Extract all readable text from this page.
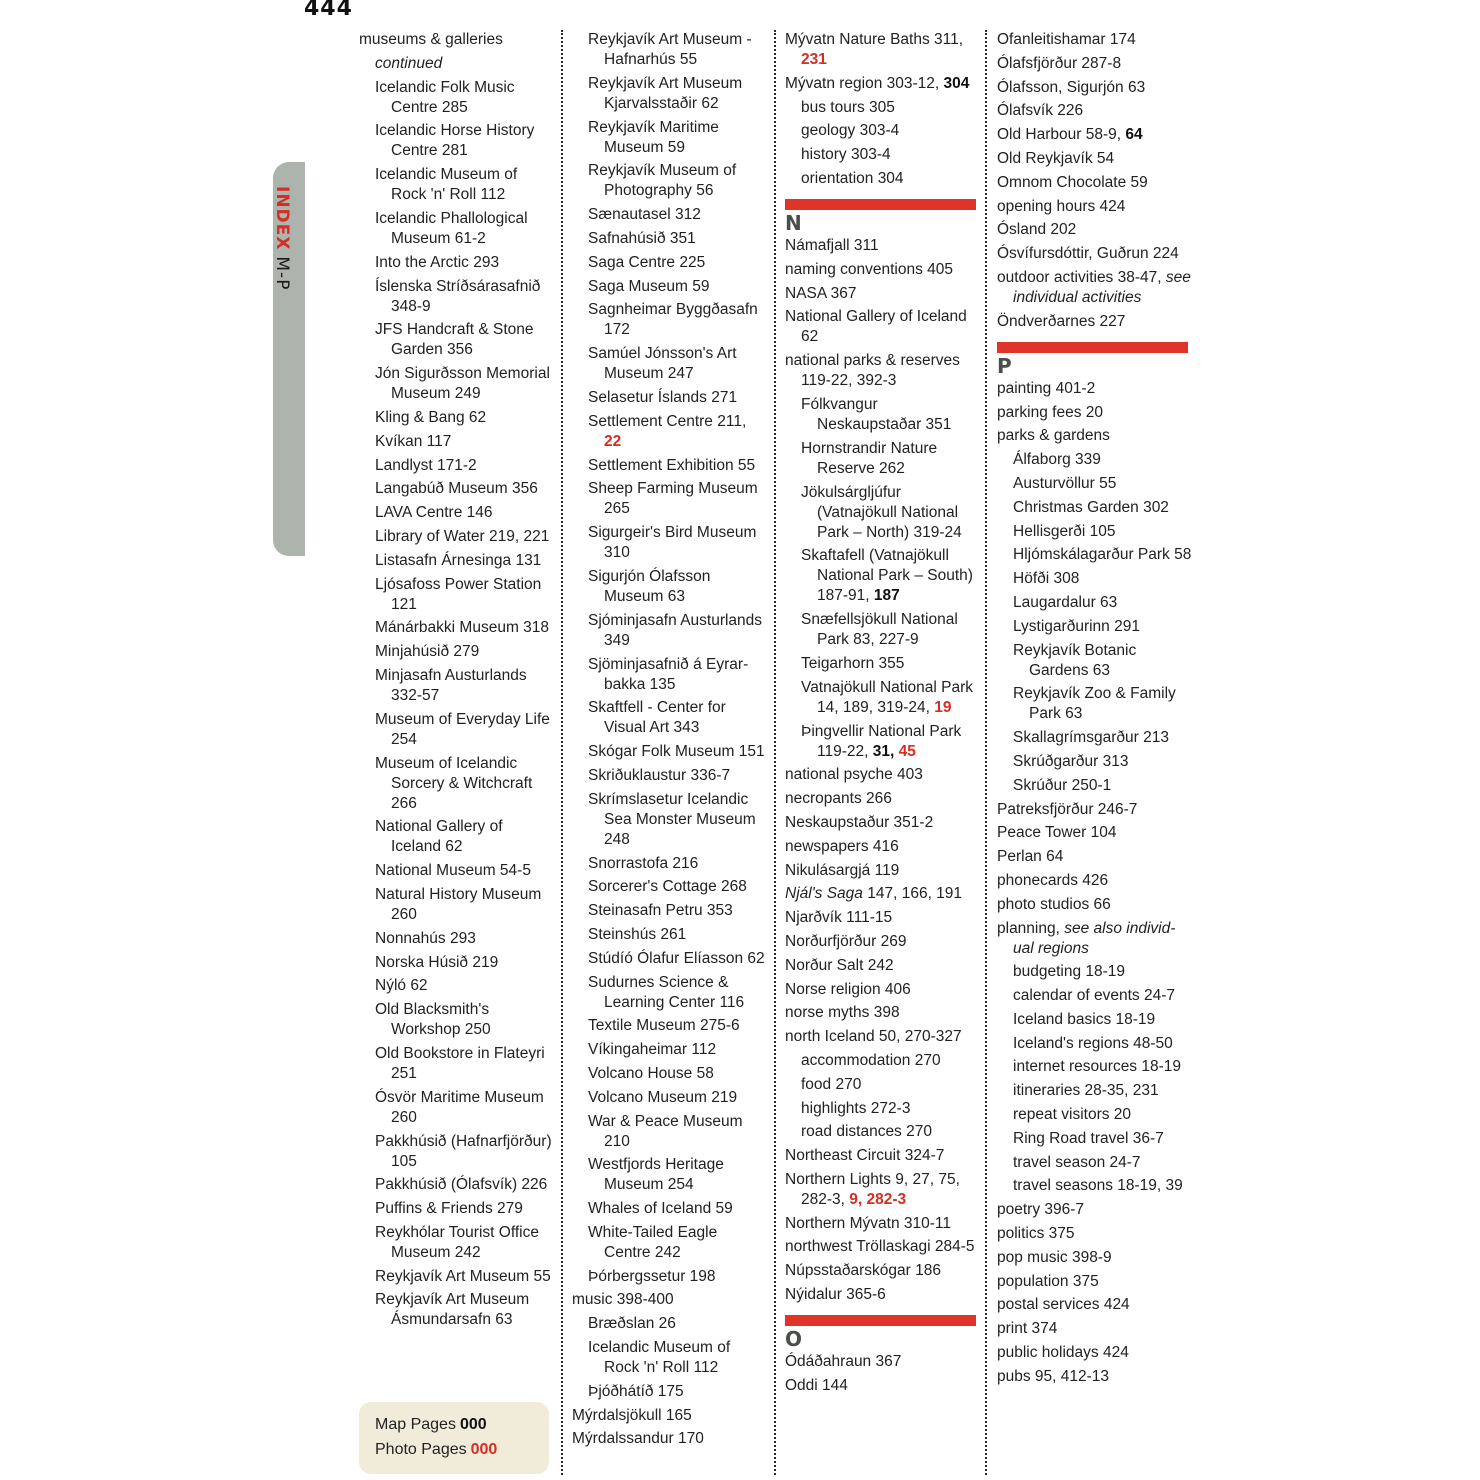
444
INDEXM-P
museums & galleries
continued
Icelandic Folk Music Centre 285
Icelandic Horse History Centre 281
Icelandic Museum of Rock 'n' Roll 112
Icelandic Phallological Museum 61-2
Into the Arctic 293
Íslenska Stríðsárasafnið 348-9
JFS Handcraft & Stone Garden 356
Jón Sigurðsson Memorial Museum 249
Kling & Bang 62
Kvíkan 117
Landlyst 171-2
Langabúð Museum 356
LAVA Centre 146
Library of Water 219, 221
Listasafn Árnesinga 131
Ljósafoss Power Station 121
Mánárbakki Museum 318
Minjahúsið 279
Minjasafn Austurlands 332-57
Museum of Everyday Life 254
Museum of Icelandic Sorcery & Witchcraft 266
National Gallery of Iceland 62
National Museum 54-5
Natural History Museum 260
Nonnahús 293
Norska Húsið 219
Nýló 62
Old Blacksmith's Workshop 250
Old Bookstore in Flateyri 251
Ósvör Maritime Museum 260
Pakkhúsið (Hafnarfjörður) 105
Pakkhúsið (Ólafsvík) 226
Puffins & Friends 279
Reykhólar Tourist Office Museum 242
Reykjavík Art Museum 55
Reykjavík Art Museum Ásmundarsafn 63
Reykjavík Art Museum - Hafnarhús 55
Reykjavík Art Museum Kjarvalsstaðir 62
Reykjavík Maritime Museum 59
Reykjavík Museum of Photography 56
Sænautasel 312
Safnahúsið 351
Saga Centre 225
Saga Museum 59
Sagnheimar Byggðasafn 172
Samúel Jónsson's Art Museum 247
Selasetur Íslands 271
Settlement Centre 211, 22
Settlement Exhibition 55
Sheep Farming Museum 265
Sigurgeir's Bird Museum 310
Sigurjón Ólafsson Museum 63
Sjóminjasafn Austurlands 349
Sjöminjasafnið á Eyrar-bakka 135
Skaftfell - Center for Visual Art 343
Skógar Folk Museum 151
Skriðuklaustur 336-7
Skrímslasetur Icelandic Sea Monster Museum 248
Snorrastofa 216
Sorcerer's Cottage 268
Steinasafn Petru 353
Steinshús 261
Stúdíó Ólafur Elíasson 62
Sudurnes Science & Learning Center 116
Textile Museum 275-6
Víkingaheimar 112
Volcano House 58
Volcano Museum 219
War & Peace Museum 210
Westfjords Heritage Museum 254
Whales of Iceland 59
White-Tailed Eagle Centre 242
Þórbergssetur 198
music 398-400
Bræðslan 26
Icelandic Museum of Rock 'n' Roll 112
Þjóðhátíð 175
Mýrdalsjökull 165
Mýrdalssandur 170
Mývatn Nature Baths 311, 231
Mývatn region 303-12, 304
bus tours 305
geology 303-4
history 303-4
orientation 304
N
Námafjall 311
naming conventions 405
NASA 367
National Gallery of Iceland 62
national parks & reserves 119-22, 392-3
Fólkvangur Neskaupstaðar 351
Hornstrandir Nature Reserve 262
Jökulsárgljúfur (Vatnajökull National Park – North) 319-24
Skaftafell (Vatnajökull National Park – South) 187-91, 187
Snæfellsjökull National Park 83, 227-9
Teigarhorn 355
Vatnajökull National Park 14, 189, 319-24, 19
Þingvellir National Park 119-22, 31, 45
national psyche 403
necropants 266
Neskaupstaður 351-2
newspapers 416
Nikulásargjá 119
Njál's Saga 147, 166, 191
Njarðvík 111-15
Norðurfjörður 269
Norður Salt 242
Norse religion 406
norse myths 398
north Iceland 50, 270-327
accommodation 270
food 270
highlights 272-3
road distances 270
Northeast Circuit 324-7
Northern Lights 9, 27, 75, 282-3, 9, 282-3
Northern Mývatn 310-11
northwest Tröllaskagi 284-5
Núpsstaðarskógar 186
Nýidalur 365-6
O
Ódáðahraun 367
Oddi 144
Ofanleitishamar 174
Ólafsfjörður 287-8
Ólafsson, Sigurjón 63
Ólafsvík 226
Old Harbour 58-9, 64
Old Reykjavík 54
Omnom Chocolate 59
opening hours 424
Ósland 202
Ósvífursdóttir, Guðrun 224
outdoor activities 38-47, see individual activities
Öndverðarnes 227
P
painting 401-2
parking fees 20
parks & gardens
Álfaborg 339
Austurvöllur 55
Christmas Garden 302
Hellisgerði 105
Hljómskálagarður Park 58
Höfði 308
Laugardalur 63
Lystigarðurinn 291
Reykjavík Botanic Gardens 63
Reykjavík Zoo & Family Park 63
Skallagrímsgarður 213
Skrúðgarður 313
Skrúður 250-1
Patreksfjörður 246-7
Peace Tower 104
Perlan 64
phonecards 426
photo studios 66
planning, see also individ-ual regions
budgeting 18-19
calendar of events 24-7
Iceland basics 18-19
Iceland's regions 48-50
internet resources 18-19
itineraries 28-35, 231
repeat visitors 20
Ring Road travel 36-7
travel season 24-7
travel seasons 18-19, 39
poetry 396-7
politics 375
pop music 398-9
population 375
postal services 424
print 374
public holidays 424
pubs 95, 412-13
Map Pages 000
Photo Pages 000
